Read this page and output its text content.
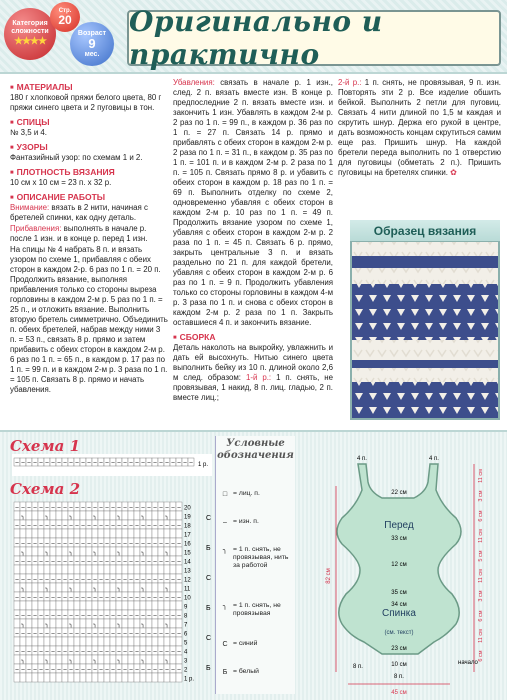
Категория
сложности
★★★★
Стр.
20
Возраст
9
мес.
Оригинально и практично
■ МАТЕРИАЛЫ
180 г хлопковой пряжи белого цвета, 80 г пряжи синего цвета и 2 пуговицы в тон.
■ СПИЦЫ
№ 3,5 и 4.
■ УЗОРЫ
Фантазийный узор: по схемам 1 и 2.
■ ПЛОТНОСТЬ ВЯЗАНИЯ
10 см х 10 см = 23 п. х 32 р.
■ ОПИСАНИЕ РАБОТЫ
Внимание: вязать в 2 нити, начиная с бретелей спинки, как одну деталь.
Прибавления: выполнять в начале р. после 1 изн. и в конце р. перед 1 изн.
На спицы № 4 набрать 8 п. и вязать узором по схеме 1, прибавляя с обеих сторон в каждом 2-р. 6 раз по 1 п. = 20 п. Продолжить вязание, выполняя прибавления только со стороны выреза горловины в каждом 2-м р. 5 раз по 1 п. = 25 п., и отложить вязание. Выполнить вторую бретель симметрично. Объединить п. обеих бретелей, набрав между ними 3 п. = 53 п., связать 8 р. прямо и затем прибавить с обеих сторон в каждом 2-м р. 6 раз по 1 п. = 65 п., в каждом р. 17 раз по 1 п. = 99 п. и в каждом 2-м р. 3 раза по 1 п. = 105 п. Связать 8 р. прямо и начать убавления.
Убавления: связать в начале р. 1 изн., след. 2 п. вязать вместе изн. В конце р. предпоследние 2 п. вязать вместе изн. и закончить 1 изн. Убавлять в каждом 2-м р. 2 раз по 1 п. = 99 п., в каждом р. 36 раз по 1 п. = 27 п. Связать 14 р. прямо и прибавлять с обеих сторон в каждом 2-м р. 2 раза по 1 п. = 31 п., в каждом р. 35 раз по 1 п. = 101 п. и в каждом 2-м р. 2 раза по 1 п. = 105 п. Связать прямо 8 р. и убавить с обеих сторон в каждом р. 18 раз по 1 п. = 69 п. Выполнить отделку по схеме 2, одновременно убавляя с обеих сторон в каждом 2-м р. 10 раз по 1 п. = 49 п. Продолжить вязание узором по схеме 1, убавляя с обеих сторон в каждом 2-м р. 2 раза по 1 п. = 45 п. Связать 6 р. прямо, закрыть центральные 3 п. и вязать раздельно по 21 п. для каждой бретели, убавляя с обеих сторон в каждом 2-м р. 6 раз по 1 п. = 9 п. Продолжить убавления только со стороны горловины в каждом 4-м р. 3 раза по 1 п. и снова с обеих сторон в каждом 2-м р. 2 раза по 1 п. Закрыть оставшиеся 4 п. и закончить вязание.
■ СБОРКА
Деталь наколоть на выкройку, увлажнить и дать ей высохнуть. Нитью синего цвета выполнить бейку из 10 п. длиной около 2,6 м след. образом: 1-й р.: 1 п. снять, не провязывая, 1 накид, 8 п. лиц. гладью, 2 п. вместе лиц.;
2-й р.: 1 п. снять, не провязывая, 9 п. изн. Повторять эти 2 р. Все изделие обшить бейкой. Выполнить 2 петли для пуговиц. Связать 4 нити длиной по 1,5 м каждая и скрутить шнур. Держа его рукой в центре, дать возможность концам скрутиться самим еще раз. Пришить шнур. На каждой бретели переда выполнить по 1 отверстию для пуговицы (обметать 2 п.). Пришить пуговицы на бретелях спинки. ✿
Образец вязания
Схема 1
– – – – – – – – – – – – – – – – – – – – – – – – – – – – – – 1 р.
Схема 2
– – – – – – – – – – – – – – – – – – – – – – – – – – – – 20
╮	╮	╮	╮	╮	╮	╮	19
– – – – – – – – – – – – – – – – – – – – – – – – – – – – 18
17
– – – – – – – – – – – – – – – – – – – – – – – – – – – – 16
╮	╮	╮	╮	╮	╮	╮	15
– – – – – – – – – – – – – – – – – – – – – – – – – – – – 14
13
– – – – – – – – – – – – – – – – – – – – – – – – – – – – 12
╮	╮	╮	╮	╮	╮	╮	11
– – – – – – – – – – – – – – – – – – – – – – – – – – – – 10
9
– – – – – – – – – – – – – – – – – – – – – – – – – – – – 8
╮	╮	╮	╮	╮	╮	╮	7
– – – – – – – – – – – – – – – – – – – – – – – – – – – – 6
5
– – – – – – – – – – – – – – – – – – – – – – – – – – – – 4
╮	╮	╮	╮	╮	╮	╮	3
– – – – – – – – – – – – – – – – – – – – – – – – – – – – 2
1 р.
С
Б
С
Б
С
Б
Условные
обозначения
□ = лиц. п.
– = изн. п.
╮ = 1 п. снять, не провязывая, нить за работой
╮ = 1 п. снять, не провязывая
С = синий
Б = белый
Перед
Спинка
(см. текст)
4 п.	4 п.
22 см
33 см
12 см
35 см
34 см
23 см
10 см
8 п.
45 см
82 см
8 п.
начало
11 см
3 см
6 см
11 см
5 см
11 см
3 см
6 см
11 см
6 см
